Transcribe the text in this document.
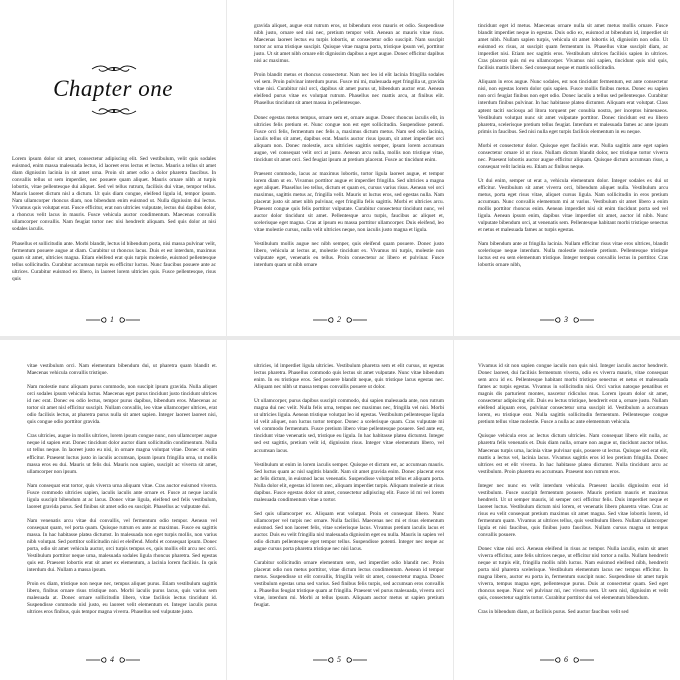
Chapter one

Lorem ipsum dolor sit amet, consectetur adipiscing elit. Sed vestibulum, velit quis sodales euismod, enim massa malesuada lectus, id laoreet eros lectus et lectus. Mauris a tellus sit amet diam dignissim lacinia in sit amet urna. Proin sit amet odio a dolor pharetra faucibus. In convallis tellus ut sem imperdiet, nec posuere quam aliquet. Mauris ornare nibh at turpis lobortis, vitae pellentesque dui aliquet. Sed vel tellus rutrum, facilisis dui vitae, tempor tellus. Mauris laoreet dictum nisl a dictum. Ut quis diam congue, eleifend ligula id, tempor ipsum. Nam ullamcorper rhoncus diam, non bibendum enim euismod ut. Nulla dignissim dui lectus. Vivamus quis volutpat erat. Fusce efficitur, erat non ultricies vulputate, lectus dui dapibus dolor, a rhoncus velit lacus in mauris. Fusce vehicula auctor condimentum. Maecenas convallis ullamcorper convallis. Nam feugiat tortor nec nisi hendrerit aliquam. Sed quis dolor at nisi sodales iaculis.

Phasellus et sollicitudin ante. Morbi blandit, lectus id bibendum porta, nisi massa pulvinar velit, fermentum posuere augue at diam. Curabitur ut rhoncus lacus. Duis et est interdum, maximus quam sit amet, ultricies magna. Etiam eleifend erat quis turpis molestie, euismod pellentesque tellus sollicitudin. Curabitur accumsan turpis eu efficitur luctus. Nunc faucibus posuere ante ac ultrices. Curabitur euismod ex libero, in laoreet lorem ultricies quis. Fusce pellentesque, risus quis

1

gravida aliquet, augue erat rutrum eros, ut bibendum eros mauris et odio. Suspendisse nibh justo, ornare sed nisi nec, pretium tempor velit. Aenean ac mauris vitae risus. Maecenas laoreet lectus eu turpis lobortis, ut consectetur odio suscipit. Nam suscipit tortor ac urna tristique suscipit. Quisque vitae magna porta, tristique ipsum vel, porttitor justo. Ut sit amet nibh ornare elit dignissim dapibus a eget augue. Donec efficitur dapibus nisi ac maximus.

Proin blandit metus et rhoncus consectetur. Nam nec leo id elit lacinia fringilla sodales vel sem. Proin pulvinar interdum purus. Fusce mi mi, malesuada eget fringilla ut, gravida vitae nisi. Curabitur nisl orci, dapibus sit amet purus ut, bibendum auctor erat. Aenean eleifend purus vitae ex volutpat rutrum. Phasellus nec mattis arcu, at finibus elit. Phasellus tincidunt sit amet massa in pellentesque.

Donec egestas metus tempus, ornare sem et, ornare augue. Donec rhoncus iaculis elit, in ultricies felis pretium et. Nunc congue non est eget sollicitudin. Suspendisse potenti. Fusce orci felis, fermentum nec felis a, maximus dictum metus. Nam sed odio lacinia, iaculis tellus sit amet, dapibus erat. Mauris auctor risus ipsum, sit amet imperdiet orci aliquam non. Donec molestie, arcu ultricies sagittis semper, ipsum lorem accumsan augue, vel consequat velit orci at justo. Aenean arcu nulla, mollis non tristique vitae, tincidunt sit amet orci. Sed feugiat ipsum at pretium placerat. Fusce ac tincidunt enim.

Praesent commodo, lacus ac maximus lobortis, tortor ligula laoreet augue, et tempor lorem diam ut ex. Vivamus porttitor augue et imperdiet fringilla. Sed ultricies a magna eget aliquet. Phasellus leo tellus, dictum et quam ex, cursus varius risus. Aenean vel orci maximus, sagittis metus ac, fringilla velit. Mauris ut luctus eros, sed egestas nulla. Nam placerat justo sit amet nibh pulvinar, eget fringilla felis sagittis. Morbi et ultricies arcu. Praesent congue quis felis porttitor vulputate. Curabitur consectetur tincidunt nunc, vel auctor dolor tincidunt sit amet. Pellentesque arcu turpis, faucibus ac aliquet et, scelerisque eget magna. Cras at ipsum eu massa porttitor ullamcorper. Duis eleifend, leo vitae molestie cursus, nulla velit ultricies neque, non iaculis justo magna et ligula.

Vestibulum mollis augue nec nibh semper, quis eleifend quam posuere. Donec justo libero, vehicula at lectus at, molestie tincidunt ex. Vivamus mi turpis, molestie non vulputate eget, venenatis eu tellus. Proin consectetur ac libero et pulvinar. Fusce interdum quam ut nibh ornare

2

tincidunt eget id metus. Maecenas ornare nulla sit amet metus mollis ornare. Fusce blandit imperdiet neque in egestas. Duis odio ex, euismod at bibendum id, imperdiet sit amet nibh. Nullam sapien turpis, vehicula sit amet lobortis id, dignissim non odio. Ut euismod ex risus, at suscipit quam fermentum in. Phasellus vitae suscipit diam, ac imperdiet nisi. Etiam nec sagittis eros. Vestibulum ultrices facilisis sapien in ultrices. Cras placerat quis mi eu ullamcorper. Vivamus nisi sapien, tincidunt quis nisl quis, facilisis mattis libero. Sed consequat neque et mattis sollicitudin.

Aliquam in eros augue. Nunc sodales, est non tincidunt fermentum, est ante consectetur nisi, non egestas lorem dolor quis sapien. Fusce mollis finibus metus. Donec eu sapien non orci feugiat finibus non eget odio. Donec iaculis a tellus sed pellentesque. Curabitur interdum finibus pulvinar. In hac habitasse platea dictumst. Aliquam erat volutpat. Class aptent taciti sociosqu ad litora torquent per conubia nostra, per inceptos himenaeos. Vestibulum volutpat nunc sit amet vulputate porttitor. Donec tincidunt est eu libero pharetra, scelerisque pretium tellus feugiat. Interdum et malesuada fames ac ante ipsum primis in faucibus. Sed nisi nulla eget turpis facilisis elementum in eu neque.

Morbi et consectetur dolor. Quisque eget facilisis erat. Nulla sagittis ante eget sapien consectetur ornare id ut risus. Nullam dictum blandit dolor, nec tristique tortor viverra nec. Praesent lobortis auctor augue efficitur aliquam. Quisque dictum accumsan risus, a consequat velit lacinia eu. Etiam ac finibus neque.

Ut dui enim, semper ut erat a, vehicula elementum dolor. Integer sodales ex dui ut efficitur. Vestibulum sit amet viverra orci, bibendum aliquet nulla. Vestibulum arcu metus, porta eget risus vitae, aliquet cursus ligula. Nam sollicitudin in eros pretium accumsan. Nunc convallis elementum mi at varius. Vestibulum sit amet libero a enim mollis porttitor rhoncus enim. Aenean imperdiet nisi sit enim tincidunt porta sed vel ligula. Aenean ipsum enim, dapibus vitae imperdiet sit amet, auctor id nibh. Nunc vulputate bibendum orci, at venenatis sem. Pellentesque habitant morbi tristique senectus et netus et malesuada fames ac turpis egestas.

Nam bibendum ante at fringilla lacinia. Nullam efficitur risus vitae eros ultrices, blandit scelerisque neque interdum. Nulla molestie molestie pretium. Pellentesque tristique luctus est eu sem elementum tristique. Integer tempus convallis lectus in porttitor. Cras lobortis ornare nibh,

3

vitae vestibulum orci. Nam elementum bibendum dui, ut pharetra quam blandit et. Maecenas vehicula convallis tristique.

Nam molestie nunc aliquam purus commodo, non suscipit ipsum gravida. Nulla aliquet orci sodales ipsum vehicula luctus. Maecenas eget purus tincidunt justo tincidunt ultrices id nec erat. Donec eu odio lectus, tempor purus dapibus, bibendum eros. Maecenas ac tortor sit amet nisl efficitur suscipit. Nullam convallis, leo vitae ullamcorper ultrices, erat odio facilisis lectus, at pharetra purus nulla sit amet sapien. Integer laoreet laoreet nisi, quis congue odio porttitor gravida.

Cras ultricies, augue in mollis ultrices, lorem ipsum congue nunc, non ullamcorper augue neque id sapien erat. Donec tincidunt dolor auctor diam sollicitudin condimentum. Nulla ut tellus neque. In laoreet justo eu nisi, in ornare magna volutpat vitae. Donec ut enim efficitur. Praesent luctus justo in iaculis accumsan, ipsum ipsum fringilla urna, ut mollis massa eros eu dui. Mauris ut felis dui. Mauris non sapien, suscipit ac viverra sit amet, ullamcorper non ipsum.

Nam consequat erat tortor, quis viverra urna aliquam vitae. Cras auctor euismod viverra. Fusce commodo ultricies sapien, iaculis iaculis ante ornare et. Fusce at neque iaculis ligula suscipit bibendum at ac lacus. Donec vitae ligula, eleifend sed felis vestibulum, laoreet gravida purus. Sed finibus sit amet odio eu suscipit. Phasellus ac vulputate dui.

Nam venenatis arcu vitae dui convallis, vel fermentum odio tempor. Aenean vel consequat quam, vel porta quam. Quisque rutrum ex ante ac maximus. Fusce eu sagittis massa. In hac habitasse platea dictumst. In malesuada non eget turpis mollis, non varius nibh volutpat. Sed porttitor sollicitudin nisi et eleifend. Morbi et consequat ipsum. Donec porta, odio sit amet vehicula auctor, orci turpis tempus ex, quis mollis elit arcu nec orci. Vestibulum porttitor neque urna, malesuada sodales ligula rhoncus pharetra. Sed egestas quis est. Praesent lobortis erat sit amet ex elementum, a lacinia lorem facilisis. In quis interdum dui. Nullam a massa ipsum.

Proin ex diam, tristique non neque nec, tempus aliquet purus. Etiam vestibulum sagittis libero, finibus ornare risus tristique non. Morbi iaculis purus lacus, quis varius sem malesuada at. Donec ornare sollicitudin libero, vitae facilisis lectus tincidunt id. Suspendisse commodo nisl justo, eu laoreet velit elementum et. Integer iaculis purus ultrices eros finibus, quis tempor magna viverra. Phasellus sed vulputate justo.

4

ultricies, id imperdiet ligula ultricies. Vestibulum pharetra sem et elit cursus, ut egestas lectus pharetra. Phasellus commodo quis lectus sit amet vulputate. Nunc vitae bibendum enim. In eu tristique eros. Sed posuere blandit neque, quis tristique lacus egestas nec. Aliquam nec nibh ut massa tempus convallis posuere ut dolor.

Ut ullamcorper, purus dapibus suscipit commodo, dui sapien malesuada ante, non rutrum magna dui nec velit. Nulla felis urna, tempus nec maximus nec, fringilla vel nisi. Morbi ut ultricies ligula. Aenean tristique volutpat leo id egestas. Vestibulum pellentesque ligula id velit aliquet, non luctus tortor tempor. Donec a scelerisque quam. Cras vulputate mi vel commodo fermentum. Fusce pretium libero vitae pellentesque posuere. Sed ante est, tincidunt vitae venenatis sed, tristique eu ligula. In hac habitasse platea dictumst. Integer sed est sagittis, pretium velit id, dignissim risus. Integer vitae elementum libero, vel accumsan lacus.

Vestibulum ut enim in lorem iaculis semper. Quisque et dictum est, ac accumsan mauris. Sed luctus quam ac nisl sagittis blandit. Nam sit amet gravida enim. Donec placerat eros ac felis dictum, in euismod lacus venenatis. Suspendisse volutpat tellus et aliquam porta. Nulla dolor elit, egestas id lorem nec, aliquam imperdiet turpis. Aliquam molestie at risus dapibus. Fusce egestas dolor sit amet, consectetur adipiscing elit. Fusce id mi vel lorem malesuada condimentum vitae a tortor.

Sed quis ullamcorper ex. Aliquam erat volutpat. Proin et consequat libero. Nunc ullamcorper vel turpis nec ornare. Nulla facilisi. Maecenas nec mi et risus elementum euismod. Sed non laoreet felis, vitae scelerisque lacus. Vivamus pretium iaculis lacus et auctor. Duis eu velit fringilla nisl malesuada dignissim eget eu nulla. Mauris in sapien vel odio dictum pellentesque eget tempor tellus. Suspendisse potenti. Integer nec neque ac augue cursus porta pharetra tristique nec nisi lacus.

Curabitur sollicitudin ornare elementum sem, sed imperdiet odio blandit nec. Proin placerat odio non metus porttitor, vitae dictum lectus condimentum. Aenean id tempor metus. Suspendisse ut elit convallis, fringilla velit sit amet, consectetur magna. Donec vestibulum egestas urna sed varius. Sed finibus felis turpis, sed accumsan eros convallis a. Phasellus feugiat tristique quam at fringilla. Praesent vel purus malesuada, viverra orci vitae, interdum mi. Morbi at tellus ipsum. Aliquam auctor metus ut sapien pretium feugiat.

5

Vivamus id sit non sapien congue iaculis non quis nisl. Integer iaculis auctor hendrerit. Donec laoreet, dui facilisis fermentum viverra, odio ex viverra mauris, vitae consequat sem arcu id ex. Pellentesque habitant morbi tristique senectus et netus et malesuada fames ac turpis egestas. Vivamus in sollicitudin nisi. Orci varius natoque penatibus et magnis dis parturient montes, nascetur ridiculus mus. Lorem ipsum dolor sit amet, consectetur adipiscing elit. Duis eu lectus tristique, hendrerit erat a, ornare justo. Nullam eleifend aliquam eros, pulvinar consectetur urna suscipit id. Vestibulum a accumsan lorem, eu tristique erat. Nulla sagittis sollicitudin fermentum. Pellentesque congue pretium tellus vitae molestie. Fusce a nulla ac ante elementum vehicula.

Quisque vehicula eros ac lectus dictum ultricies. Nam consequat libero elit nulla, ac pharetra felis venenatis et. Duis diam nulla, ornare non augue ut, tincidunt auctor tellus. Maecenas turpis urna, lacinia vitae pulvinar quis, posuere ut lectus. Quisque sed erat elit, mattis a lectus vel, lacinia lacus. Vivamus sagittis eros id leo pretium fringilla. Donec ultrices est et elit viverra. In hac habitasse platea dictumst. Nulla tincidunt arcu ac vestibulum. Proin pharetra eu accumsan. Praesent non rutrum eros.

Integer nec nunc ex velit interdum vehicula. Praesent iaculis dignissim erat id vestibulum. Fusce suscipit fermentum posuere. Mauris pretium mauris et maximus hendrerit. Ut ut semper mauris, id semper orci efficitur felis. Duis imperdiet neque et laoreet luctus. Vestibulum dictum nisi lorem, et venenatis libero pharetra vitae. Cras ac risus eu velit consequat pretium maximus sit amet magna. Sed vitae lobortis lorem, id fermentum quam. Vivamus at ultrices tellus, quis vestibulum libero. Nullam ullamcorper ligula et nisi faucibus, quis finibus justo faucibus. Nullam cursus magna ut tempus convallis posuere.

Donec vitae nisi orci. Aenean eleifend in risus ac tempor. Nulla iaculis, enim sit amet viverra efficitur, ante felis ultrices neque, ut efficitur nisl tortor a nulla. Nullam hendrerit neque ut turpis elit, fringilla mollis nibh luctus. Nam euismod eleifend nibh, hendrerit porta nisl pharetra scelerisque. Vestibulum elementum lacus nec tempus efficitur. In magna libero, auctor eu porta in, fermentum suscipit nunc. Suspendisse sit amet turpis viverra, tempus magna eget, pellentesque purus. Duis at consectetur quam. Sed eget rhoncus neque. Nunc vel pulvinar mi, nec viverra sem. Ut sem nisl, dignissim et velit quis, consectetur sagittis tortor. Curabitur porttitor dui vel elementum bibendum.

Cras in bibendum diam, at facilisis purus. Sed auctor faucibus velit sed

6
